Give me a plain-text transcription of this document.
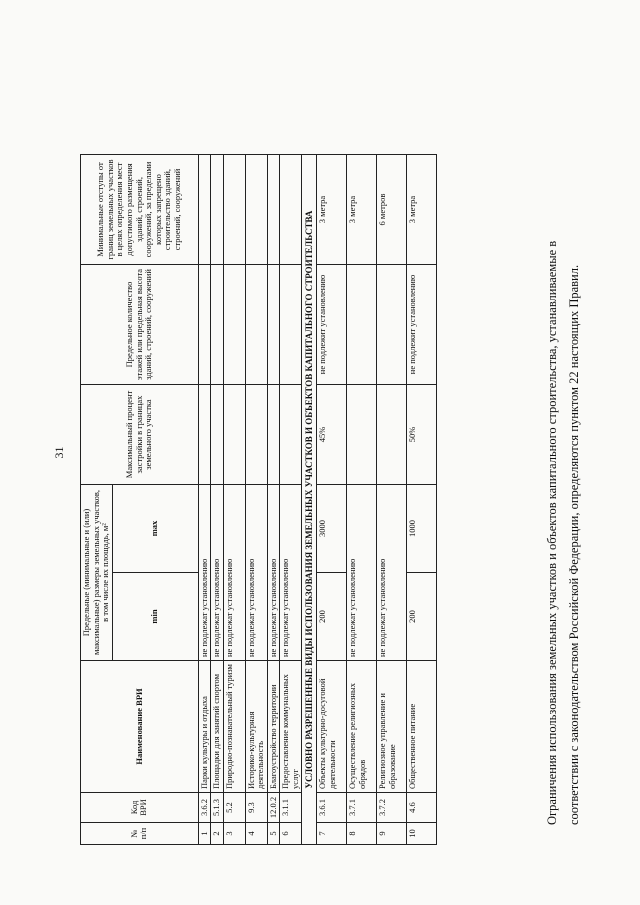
31
№ п/п	Код ВРИ	Наименование ВРИ	Предельные (минимальные и (или) максимальные) размеры земельных участков, в том числе их площадь, м²		Максимальный процент застройки в границах земельного участка	Предельное количество этажей или предельная высота зданий, строений, сооружений	Минимальные отступы от границ земельных участков в целях определения мест допустимого размещения зданий, строений, сооружений, за пределами которых запрещено строительство зданий, строений, сооружений
			min	max			
1	3.6.2	Парки культуры и отдыха	не подлежат установлению				
2	5.1.3	Площадки для занятий спортом	не подлежат установлению				
3	5.2	Природно-познавательный туризм	не подлежат установлению				
4	9.3	Историко-культурная деятельность	не подлежат установлению				
5	12.0.2	Благоустройство территории	не подлежат установлению				
6	3.1.1	Предоставление коммунальных услуг	не подлежат установлению				
УСЛОВНО РАЗРЕШЕННЫЕ ВИДЫ ИСПОЛЬЗОВАНИЯ ЗЕМЕЛЬНЫХ УЧАСТКОВ И ОБЪЕКТОВ КАПИТАЛЬНОГО СТРОИТЕЛЬСТВА							
7	3.6.1	Объекты культурно-досуговой деятельности	200	3000	45%	не подлежит установлению	3 метра
8	3.7.1	Осуществление религиозных обрядов	не подлежат установлению				3 метра
9	3.7.2	Религиозное управление и образование	не подлежат установлению				6 метров
10	4.6	Общественное питание	200	1000	50%	не подлежит установлению	3 метра
Ограничения использования земельных участков и объектов капитального строительства, устанавливаемые в соответствии с законодательством Российской Федерации, определяются пунктом 22 настоящих Правил.
